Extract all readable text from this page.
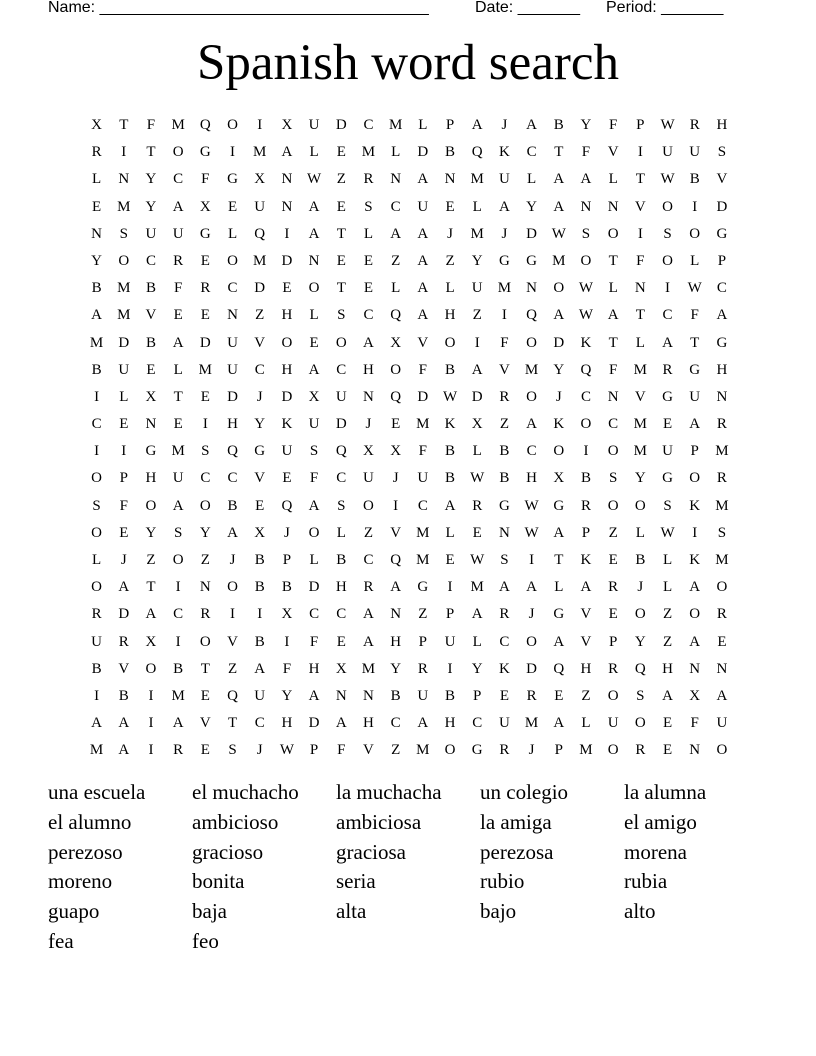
Name: _____________________________________	Date: _______ Period: _______
Spanish word search
X	T	F	M	Q	O	I	X	U	D	C	M	L	P	A	J	A	B	Y	F	P	W	R	H
R	I	T	O	G	I	M	A	L	E	M	L	D	B	Q	K	C	T	F	V	I	U	U	S
L	N	Y	C	F	G	X	N W	Z	R	N	A	N	M	U	L	A	A	L	T	W	B	V
E	M	Y	A	X	E	U	N	A	E	S	C	U	E	L	A	Y	A	N	N	V	O	I	D
N	S	U	U	G	L	Q	I	A	T	L	A	A	J	M	J	D W	S	O	I	S	O	G
Y	O	C	R	E	O	M	D	N	E	E	Z	A	Z	Y	G	G	M	O	T	F	O	L	P
B	M	B	F	R	C	D	E	O	T	E	L	A	L	U	M	N	O W	L	N	I	W	C
A	M	V	E	E	N	Z	H	L	S	C	Q	A	H	Z	I	Q	A W A	T	C	F	A
M	D	B	A	D	U	V	O	E	O	A	X	V	O	I	F	O	D	K	T	L	A	T	G
B	U	E	L	M	U	C	H	A	C	H	O	F	B	A	V	M	Y	Q	F	M	R	G	H
I	L	X	T	E	D	J	D	X	U	N	Q	D W D	R	O	J	C	N	V	G	U	N
C	E	N	E	I	H	Y	K	U	D	J	E	M	K	X	Z	A	K	O	C	M	E	A	R
I	I	G	M	S	Q	G	U	S	Q	X	X	F	B	L	B	C	O	I	O	M	U	P	M
O	P	H	U	C	C	V	E	F	C	U	J	U	B	W	B	H	X	B	S	Y	G	O	R
S	F	O	A	O	B	E	Q	A	S	O	I	C	A	R	G W G	R	O	O	S	K	M
O	E	Y	S	Y	A	X	J	O	L	Z	V	M	L	E	N W A	P	Z	L	W	I	S
L	J	Z	O	Z	J	B	P	L	B	C	Q	M	E	W	S	I	T	K	E	B	L	K	M
O	A	T	I	N	O	B	B	D	H	R	A	G	I	M	A	A	L	A	R	J	L	A	O
R	D	A	C	R	I	I	X	C	C	A	N	Z	P	A	R	J	G	V	E	O	Z	O	R
U	R	X	I	O	V	B	I	F	E	A	H	P	U	L	C	O	A	V	P	Y	Z	A	E
B	V	O	B	T	Z	A	F	H	X	M	Y	R	I	Y	K	D	Q	H	R	Q	H	N	N
I	B	I	M	E	Q	U	Y	A	N	N	B	U	B	P	E	R	E	Z	O	S	A	X	A
A	A	I	A	V	T	C	H	D	A	H	C	A	H	C	U	M	A	L	U	O	E	F	U
M	A	I	R	E	S	J	W	P	F	V	Z	M	O	G	R	J	P	M	O	R	E	N	O
una escuela	el muchacho	la muchacha	un colegio	la alumna
el alumno	ambicioso	ambiciosa	la amiga	el amigo
perezoso	gracioso	graciosa	perezosa	morena
moreno	bonita	seria	rubio	rubia
guapo	baja	alta	bajo	alto
fea	feo
